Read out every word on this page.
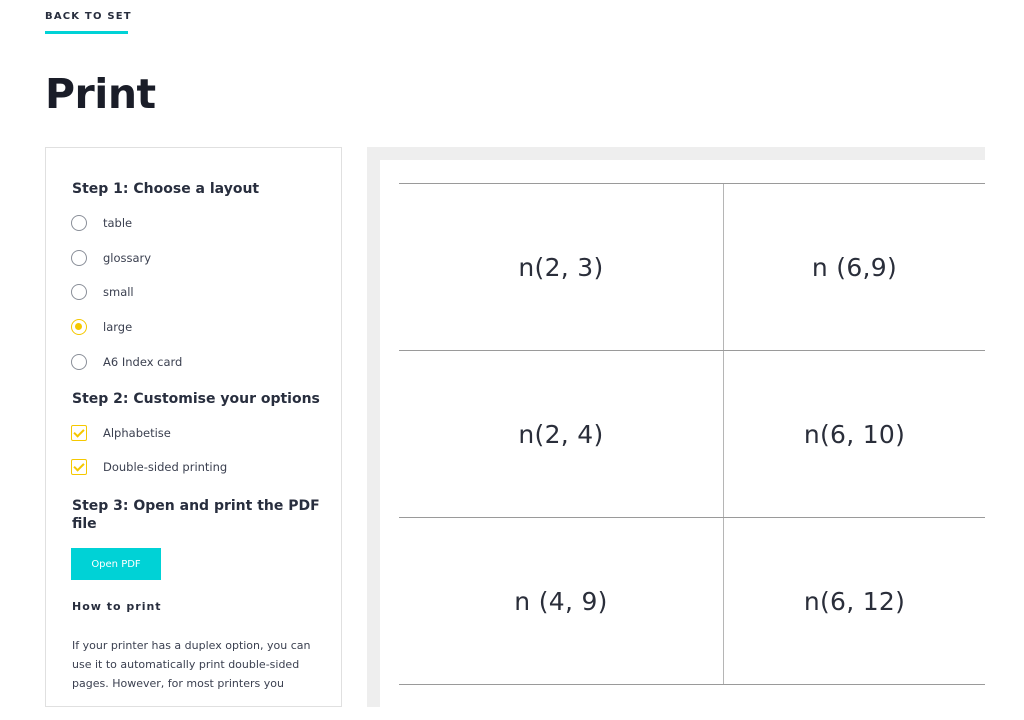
BACK TO SET
Print
Step 1: Choose a layout
table
glossary
small
large
A6 Index card
Step 2: Customise your options
Alphabetise
Double-sided printing
Step 3: Open and print the PDF file
Open PDF
How to print

If your printer has a duplex option, you can use it to automatically print double-sided pages. However, for most printers you

n(2, 3)	n (6,9)
n(2, 4)	n(6, 10)
n (4, 9)	n(6, 12)
